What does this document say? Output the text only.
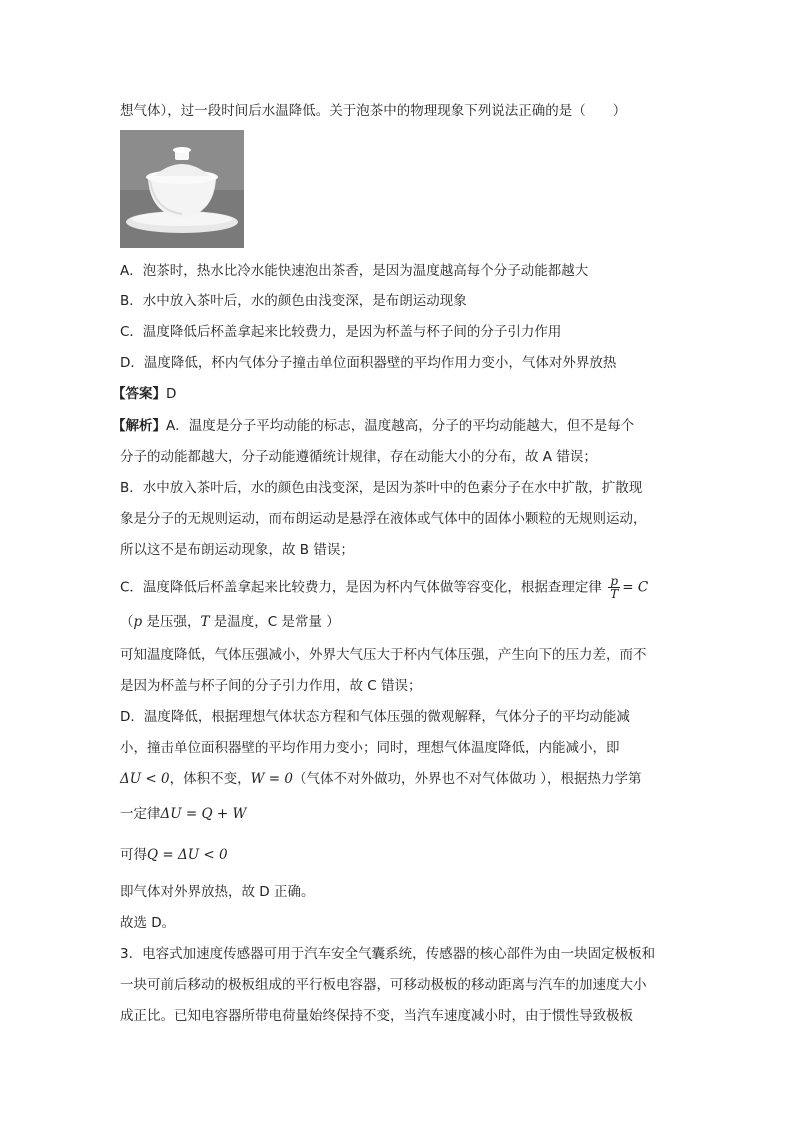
想气体），过一段时间后水温降低。关于泡茶中的物理现象下列说法正确的是（　　）
A．泡茶时，热水比冷水能快速泡出茶香，是因为温度越高每个分子动能都越大
B．水中放入茶叶后，水的颜色由浅变深，是布朗运动现象
C．温度降低后杯盖拿起来比较费力，是因为杯盖与杯子间的分子引力作用
D．温度降低，杯内气体分子撞击单位面积器壁的平均作用力变小，气体对外界放热
【答案】D
【解析】A．温度是分子平均动能的标志，温度越高，分子的平均动能越大，但不是每个
分子的动能都越大，分子动能遵循统计规律，存在动能大小的分布，故 A 错误；
B．水中放入茶叶后，水的颜色由浅变深，是因为茶叶中的色素分子在水中扩散，扩散现
象是分子的无规则运动，而布朗运动是悬浮在液体或气体中的固体小颗粒的无规则运动，
所以这不是布朗运动现象，故 B 错误；
C．温度降低后杯盖拿起来比较费力，是因为杯内气体做等容变化，根据查理定律 $\frac{p}{T} = C$
（p 是压强，T 是温度，C 是常量 ）
可知温度降低，气体压强减小，外界大气压大于杯内气体压强，产生向下的压力差，而不
是因为杯盖与杯子间的分子引力作用，故 C 错误；
D．温度降低，根据理想气体状态方程和气体压强的微观解释，气体分子的平均动能减
小，撞击单位面积器壁的平均作用力变小；同时，理想气体温度降低，内能减小，即
ΔU < 0，体积不变，W = 0（气体不对外做功，外界也不对气体做功 ），根据热力学第
一定律ΔU = Q + W
可得Q = ΔU < 0
即气体对外界放热，故 D 正确。
故选 D。
3．电容式加速度传感器可用于汽车安全气囊系统，传感器的核心部件为由一块固定极板和
一块可前后移动的极板组成的平行板电容器，可移动极板的移动距离与汽车的加速度大小
成正比。已知电容器所带电荷量始终保持不变，当汽车速度减小时，由于惯性导致极板
